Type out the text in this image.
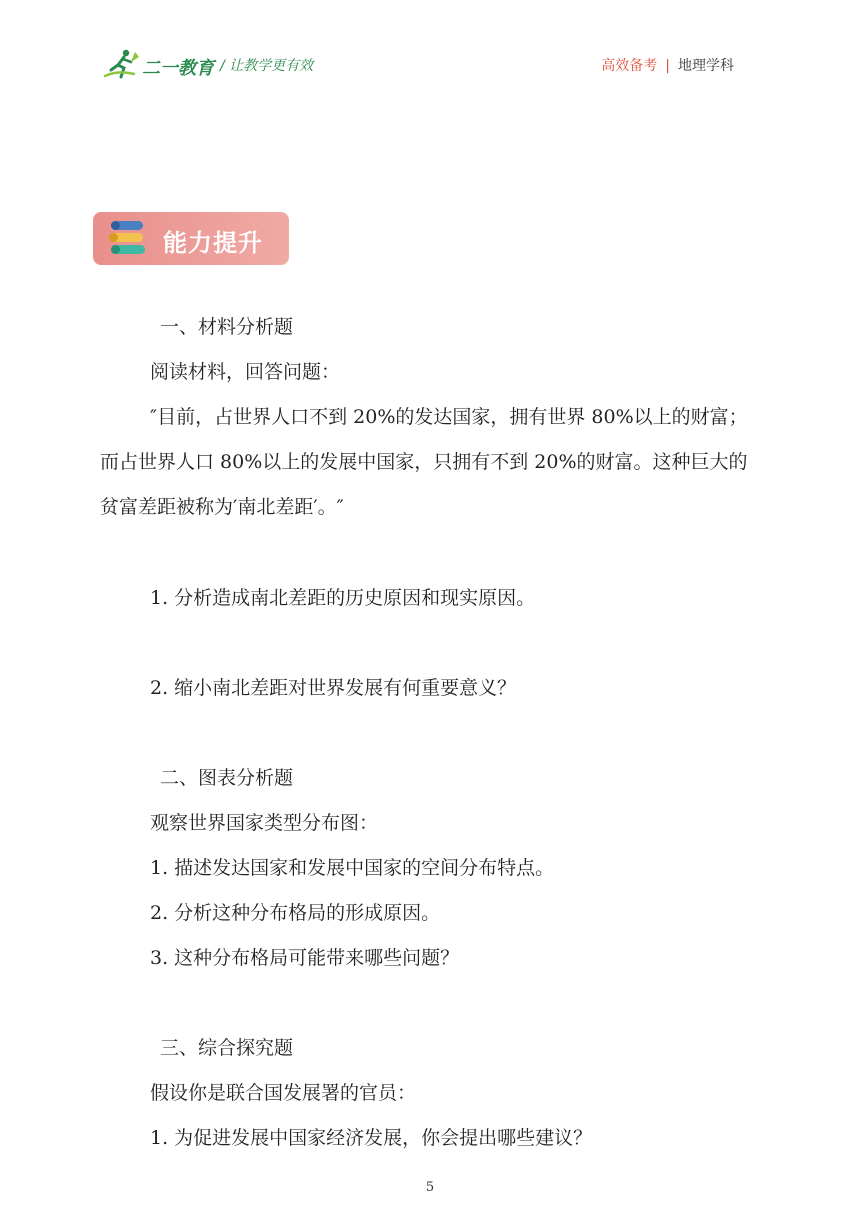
二一教育 / 让教学更有效	高效备考 | 地理学科
能力提升
一、材料分析题
阅读材料，回答问题：
″目前，占世界人口不到 20%的发达国家，拥有世界 80%以上的财富；
而占世界人口 80%以上的发展中国家，只拥有不到 20%的财富。这种巨大的
贫富差距被称为′南北差距′。″
1. 分析造成南北差距的历史原因和现实原因。
2. 缩小南北差距对世界发展有何重要意义？
二、图表分析题
观察世界国家类型分布图：
1. 描述发达国家和发展中国家的空间分布特点。
2. 分析这种分布格局的形成原因。
3. 这种分布格局可能带来哪些问题？
三、综合探究题
假设你是联合国发展署的官员：
1. 为促进发展中国家经济发展，你会提出哪些建议？
5
